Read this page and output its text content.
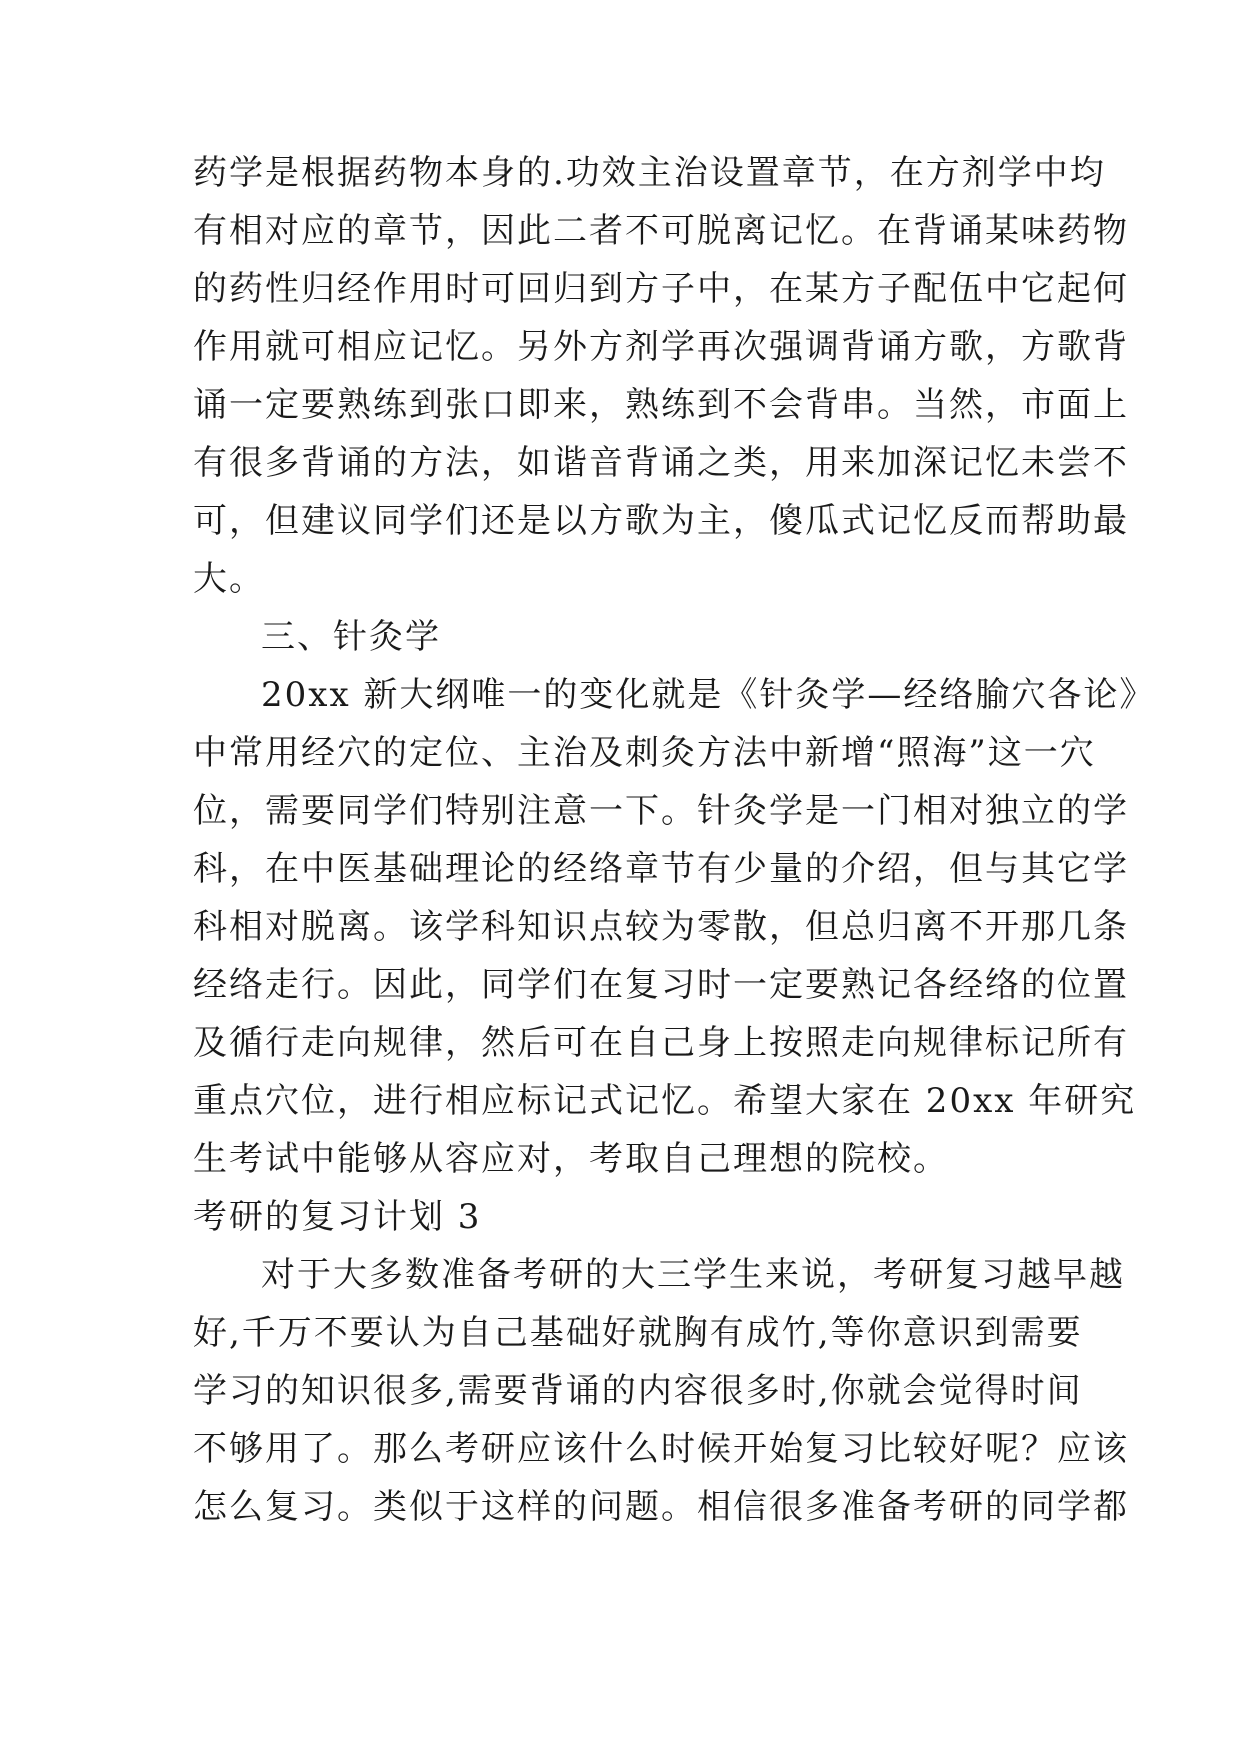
药学是根据药物本身的.功效主治设置章节，在方剂学中均
有相对应的章节，因此二者不可脱离记忆。在背诵某味药物
的药性归经作用时可回归到方子中，在某方子配伍中它起何
作用就可相应记忆。另外方剂学再次强调背诵方歌，方歌背
诵一定要熟练到张口即来，熟练到不会背串。当然，市面上
有很多背诵的方法，如谐音背诵之类，用来加深记忆未尝不
可，但建议同学们还是以方歌为主，傻瓜式记忆反而帮助最
大。
三、针灸学
20xx 新大纲唯一的变化就是《针灸学—经络腧穴各论》
中常用经穴的定位、主治及刺灸方法中新增“照海”这一穴
位，需要同学们特别注意一下。针灸学是一门相对独立的学
科，在中医基础理论的经络章节有少量的介绍，但与其它学
科相对脱离。该学科知识点较为零散，但总归离不开那几条
经络走行。因此，同学们在复习时一定要熟记各经络的位置
及循行走向规律，然后可在自己身上按照走向规律标记所有
重点穴位，进行相应标记式记忆。希望大家在 20xx 年研究
生考试中能够从容应对，考取自己理想的院校。
考研的复习计划 3
对于大多数准备考研的大三学生来说，考研复习越早越
好,千万不要认为自己基础好就胸有成竹,等你意识到需要
学习的知识很多,需要背诵的内容很多时,你就会觉得时间
不够用了。那么考研应该什么时候开始复习比较好呢？应该
怎么复习。类似于这样的问题。相信很多准备考研的同学都
